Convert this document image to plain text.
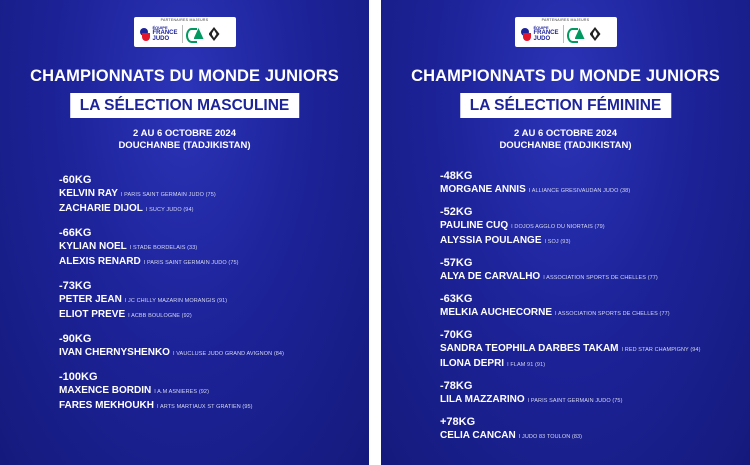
PARTENAIRES MAJEURS
ÉQUIPE
FRANCE
JUDO
CHAMPIONNATS DU MONDE JUNIORS
LA SÉLECTION MASCULINE
2 AU 6 OCTOBRE 2024
DOUCHANBE (TADJIKISTAN)
-60KG
KELVIN RAY I PARIS SAINT GERMAIN JUDO (75)
ZACHARIE DIJOL I SUCY JUDO (94)
-66KG
KYLIAN NOEL I STADE BORDELAIS (33)
ALEXIS RENARD I PARIS SAINT GERMAIN JUDO (75)
-73KG
PETER JEAN I JC CHILLY MAZARIN MORANGIS (91)
ELIOT PREVE I ACBB BOULOGNE (92)
-90KG
IVAN CHERNYSHENKO I VAUCLUSE JUDO GRAND AVIGNON (84)
-100KG
MAXENCE BORDIN I A.M ASNIERES (92)
FARES MEKHOUKH I ARTS MARTIAUX ST GRATIEN (95)
PARTENAIRES MAJEURS
ÉQUIPE
FRANCE
JUDO
CHAMPIONNATS DU MONDE JUNIORS
LA SÉLECTION FÉMININE
2 AU 6 OCTOBRE 2024
DOUCHANBE (TADJIKISTAN)
-48KG
MORGANE ANNIS I ALLIANCE GRESIVAUDAN JUDO (38)
-52KG
PAULINE CUQ I DOJOS AGGLO DU NIORTAIS (79)
ALYSSIA POULANGE I SOJ (93)
-57KG
ALYA DE CARVALHO I ASSOCIATION SPORTS DE CHELLES (77)
-63KG
MELKIA AUCHECORNE I ASSOCIATION SPORTS DE CHELLES (77)
-70KG
SANDRA TEOPHILA DARBES TAKAM I RED STAR CHAMPIGNY (94)
ILONA DEPRI I FLAM 91 (91)
-78KG
LILA MAZZARINO I PARIS SAINT GERMAIN JUDO (75)
+78KG
CELIA CANCAN I JUDO 83 TOULON (83)
